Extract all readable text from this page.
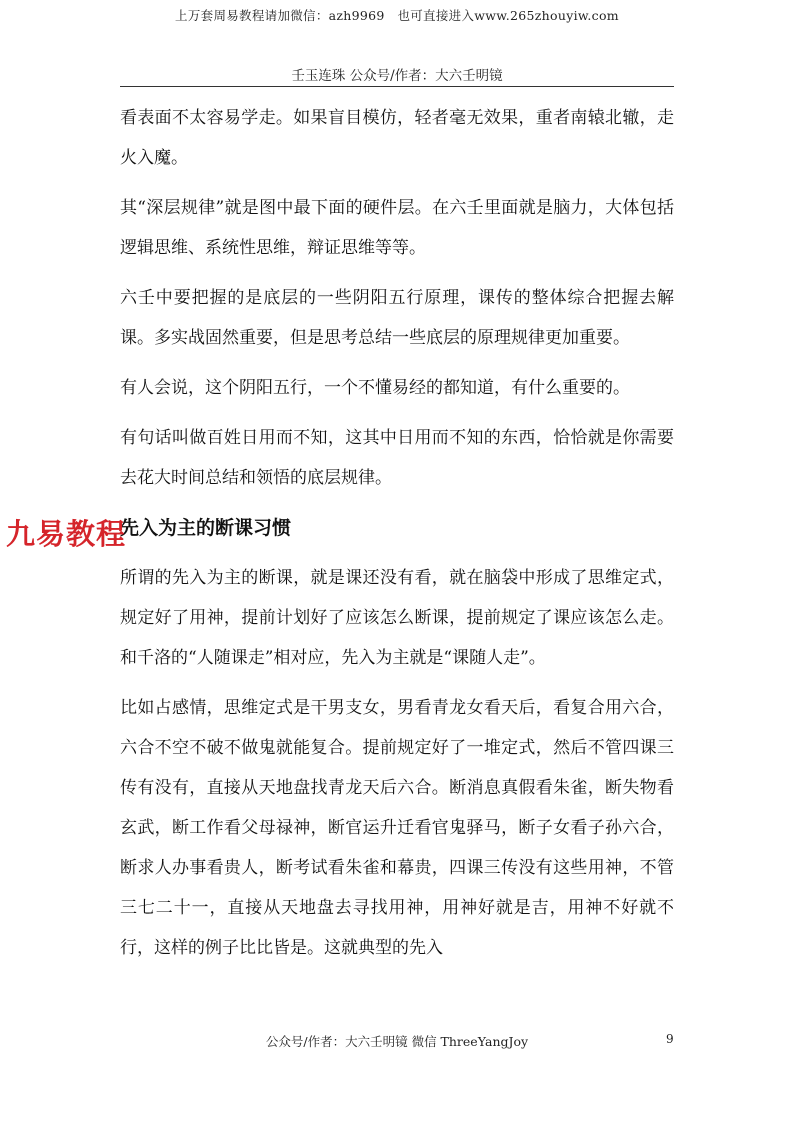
上万套周易教程请加微信：azh9969　也可直接进入www.265zhouyiw.com
壬玉连珠 公众号/作者：大六壬明镜

看表面不太容易学走。如果盲目模仿，轻者毫无效果，重者南辕北辙，走火入魔。

其“深层规律”就是图中最下面的硬件层。在六壬里面就是脑力，大体包括逻辑思维、系统性思维，辩证思维等等。

六壬中要把握的是底层的一些阴阳五行原理，课传的整体综合把握去解课。多实战固然重要，但是思考总结一些底层的原理规律更加重要。

有人会说，这个阴阳五行，一个不懂易经的都知道，有什么重要的。

有句话叫做百姓日用而不知，这其中日用而不知的东西，恰恰就是你需要去花大时间总结和领悟的底层规律。

先入为主的断课习惯
九易教程

所谓的先入为主的断课，就是课还没有看，就在脑袋中形成了思维定式，规定好了用神，提前计划好了应该怎么断课，提前规定了课应该怎么走。和千洛的“人随课走”相对应，先入为主就是“课随人走”。

比如占感情，思维定式是干男支女，男看青龙女看天后，看复合用六合，六合不空不破不做鬼就能复合。提前规定好了一堆定式，然后不管四课三传有没有，直接从天地盘找青龙天后六合。断消息真假看朱雀，断失物看玄武，断工作看父母禄神，断官运升迁看官鬼驿马，断子女看子孙六合，断求人办事看贵人，断考试看朱雀和幕贵，四课三传没有这些用神，不管三七二十一，直接从天地盘去寻找用神，用神好就是吉，用神不好就不行，这样的例子比比皆是。这就典型的先入

公众号/作者：大六壬明镜 微信 ThreeYangJoy	9
